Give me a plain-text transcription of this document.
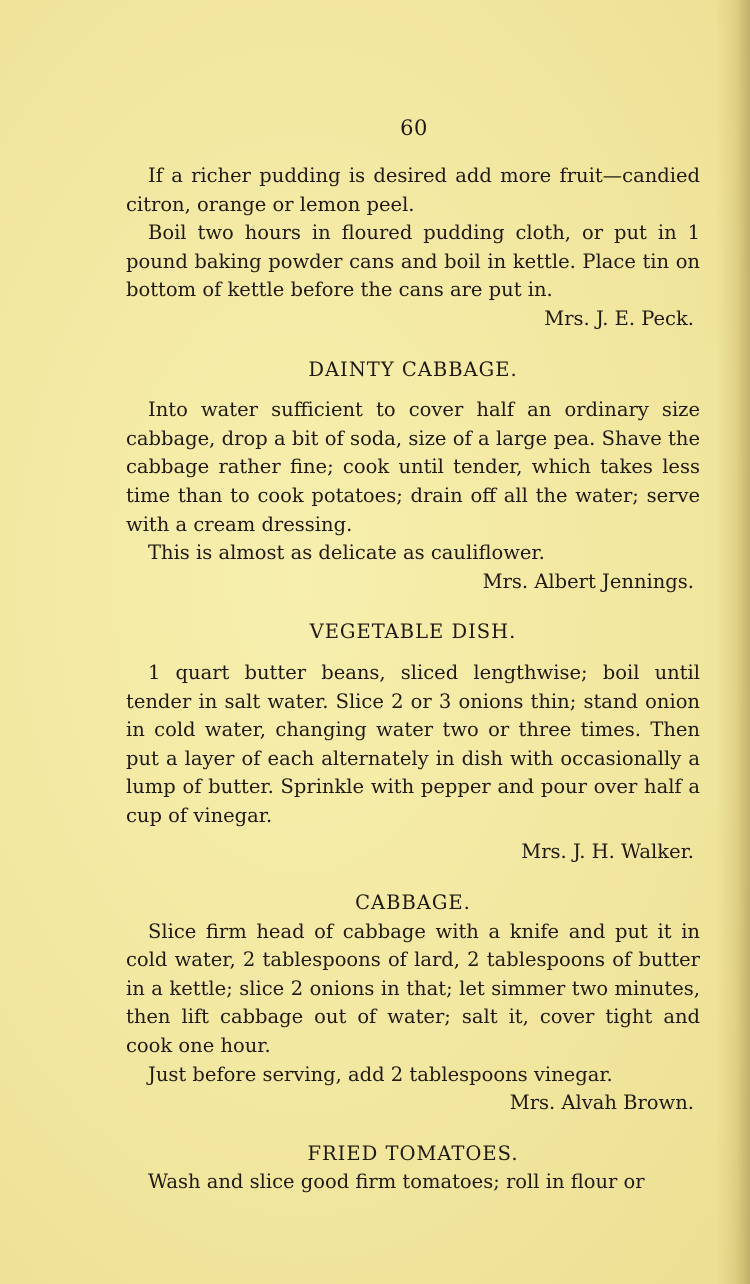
60

If a richer pudding is desired add more fruit—candied citron, orange or lemon peel.

Boil two hours in floured pudding cloth, or put in 1 pound baking powder cans and boil in kettle. Place tin on bottom of kettle before the cans are put in.

Mrs. J. E. Peck.

DAINTY CABBAGE.

Into water sufficient to cover half an ordinary size cabbage, drop a bit of soda, size of a large pea. Shave the cabbage rather fine; cook until tender, which takes less time than to cook potatoes; drain off all the water; serve with a cream dressing.

This is almost as delicate as cauliflower.

Mrs. Albert Jennings.

VEGETABLE DISH.

1 quart butter beans, sliced lengthwise; boil until tender in salt water. Slice 2 or 3 onions thin; stand onion in cold water, changing water two or three times. Then put a layer of each alternately in dish with occasionally a lump of butter. Sprinkle with pepper and pour over half a cup of vinegar.

Mrs. J. H. Walker.

CABBAGE.

Slice firm head of cabbage with a knife and put it in cold water, 2 tablespoons of lard, 2 tablespoons of butter in a kettle; slice 2 onions in that; let simmer two minutes, then lift cabbage out of water; salt it, cover tight and cook one hour.

Just before serving, add 2 tablespoons vinegar.

Mrs. Alvah Brown.

FRIED TOMATOES.

Wash and slice good firm tomatoes; roll in flour or
